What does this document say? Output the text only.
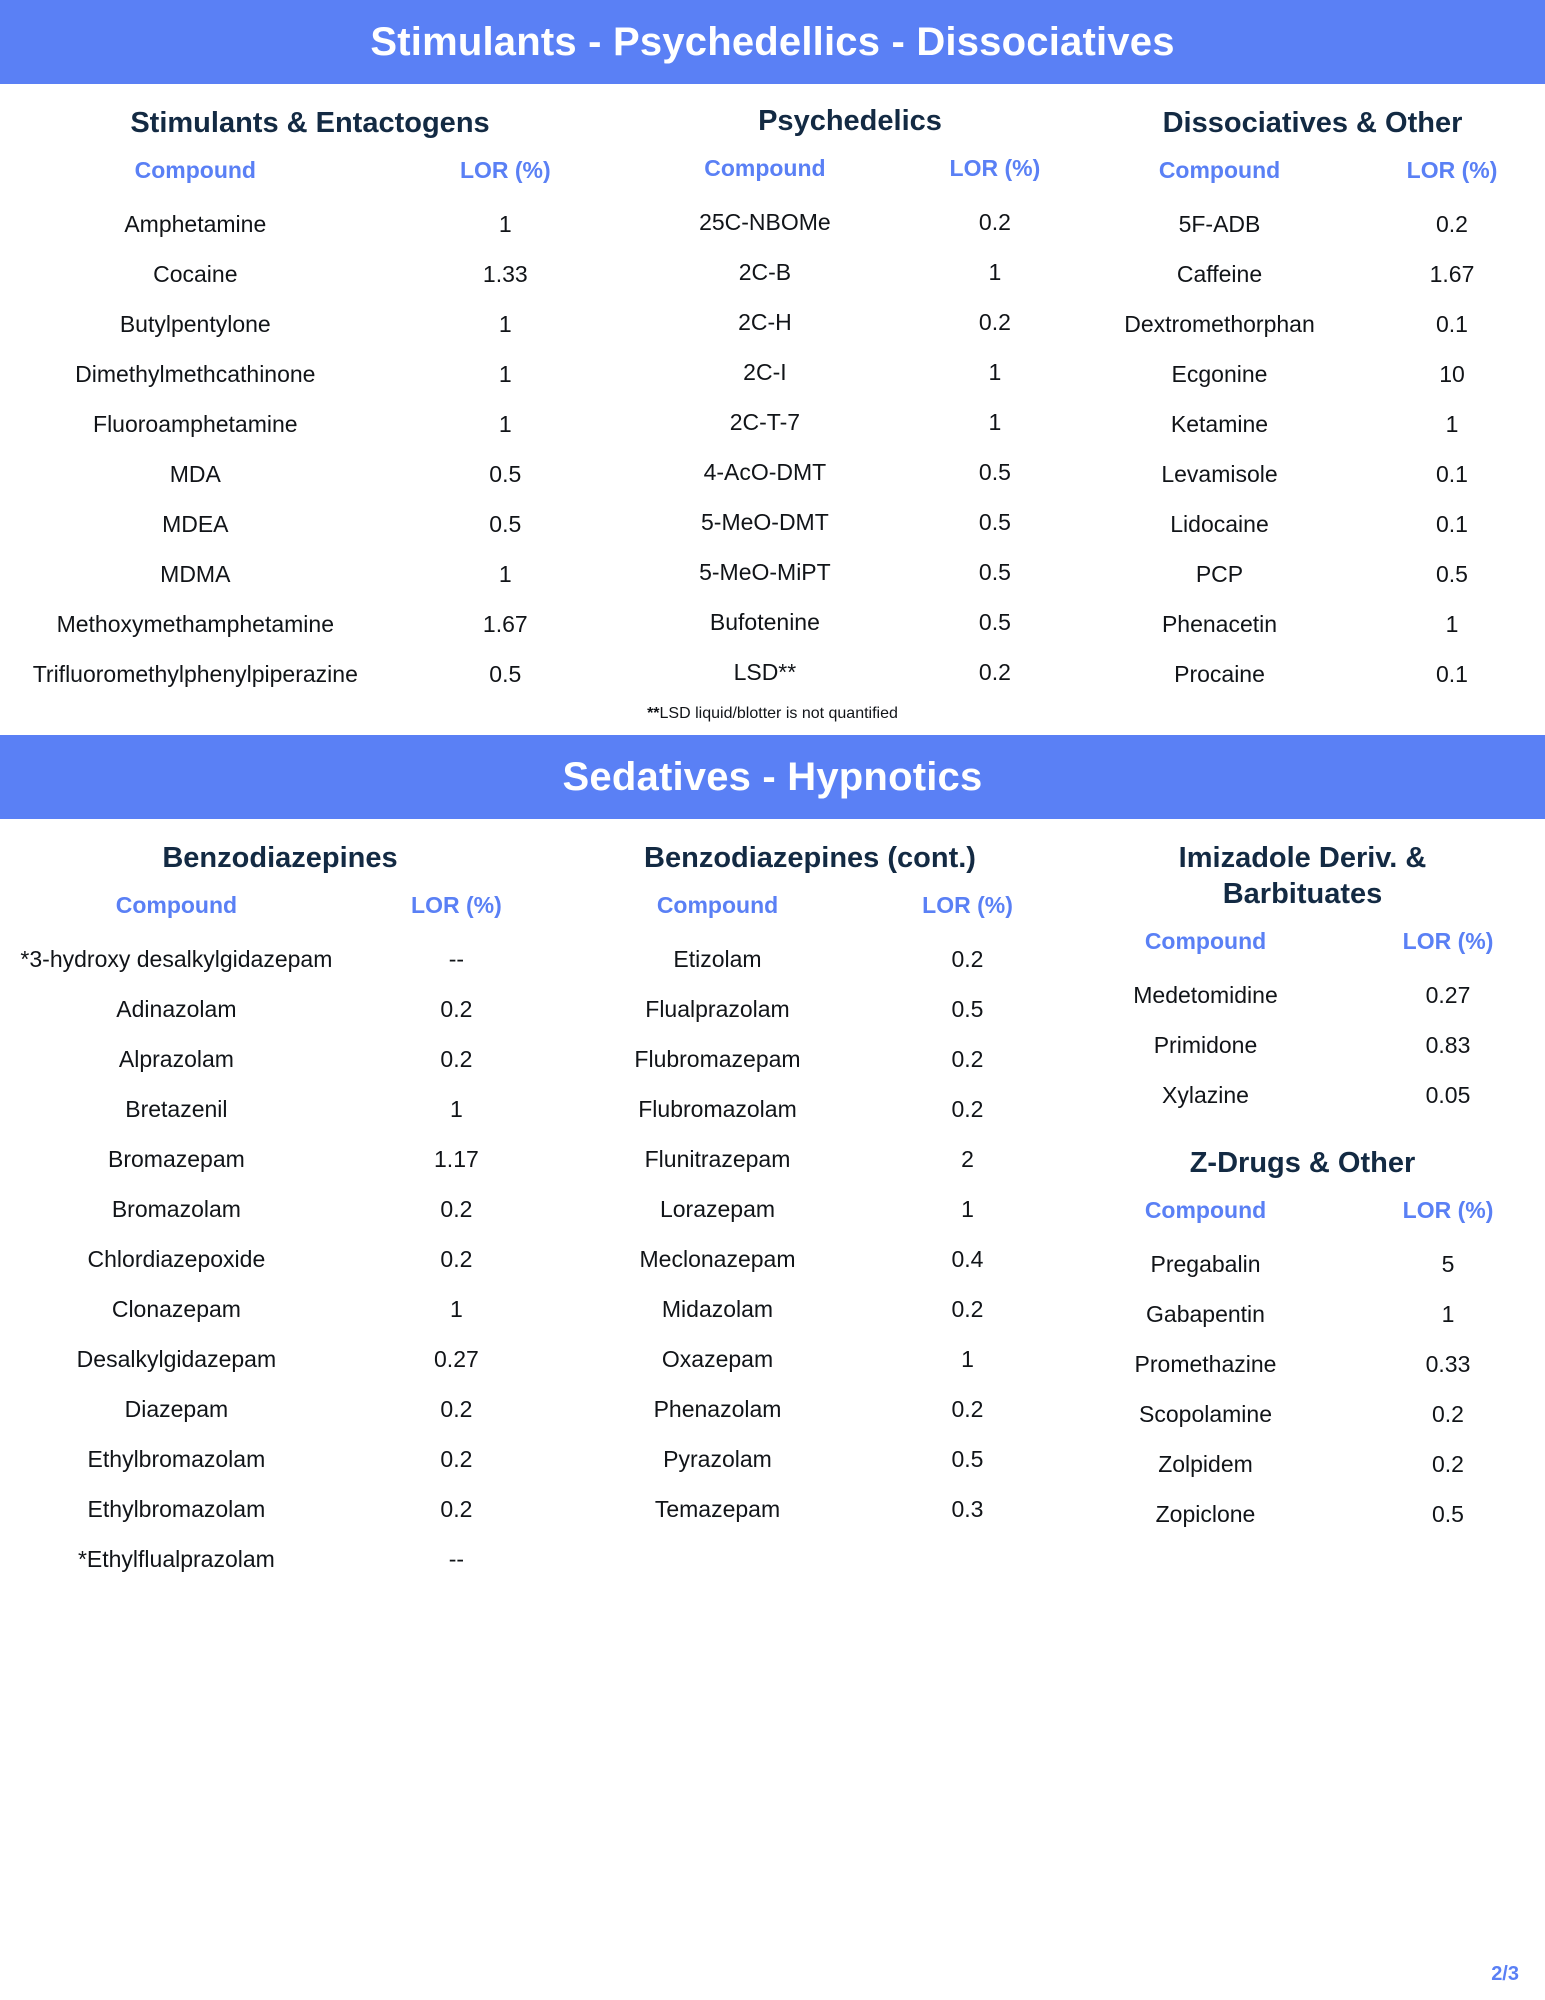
Stimulants - Psychedellics - Dissociatives
Stimulants & Entactogens
Compound	LOR (%)
Amphetamine	1
Cocaine	1.33
Butylpentylone	1
Dimethylmethcathinone	1
Fluoroamphetamine	1
MDA	0.5
MDEA	0.5
MDMA	1
Methoxymethamphetamine	1.67
Trifluoromethylphenylpiperazine	0.5
Psychedelics
Compound	LOR (%)
25C-NBOMe	0.2
2C-B	1
2C-H	0.2
2C-I	1
2C-T-7	1
4-AcO-DMT	0.5
5-MeO-DMT	0.5
5-MeO-MiPT	0.5
Bufotenine	0.5
LSD**	0.2
Dissociatives & Other
Compound	LOR (%)
5F-ADB	0.2
Caffeine	1.67
Dextromethorphan	0.1
Ecgonine	10
Ketamine	1
Levamisole	0.1
Lidocaine	0.1
PCP	0.5
Phenacetin	1
Procaine	0.1
**LSD liquid/blotter is not quantified
Sedatives - Hypnotics
Benzodiazepines
Compound	LOR (%)
*3-hydroxy desalkylgidazepam	--
Adinazolam	0.2
Alprazolam	0.2
Bretazenil	1
Bromazepam	1.17
Bromazolam	0.2
Chlordiazepoxide	0.2
Clonazepam	1
Desalkylgidazepam	0.27
Diazepam	0.2
Ethylbromazolam	0.2
Ethylbromazolam	0.2
*Ethylflualprazolam	--
Benzodiazepines (cont.)
Compound	LOR (%)
Etizolam	0.2
Flualprazolam	0.5
Flubromazepam	0.2
Flubromazolam	0.2
Flunitrazepam	2
Lorazepam	1
Meclonazepam	0.4
Midazolam	0.2
Oxazepam	1
Phenazolam	0.2
Pyrazolam	0.5
Temazepam	0.3
Imizadole Deriv. & Barbituates
Compound	LOR (%)
Medetomidine	0.27
Primidone	0.83
Xylazine	0.05
Z-Drugs & Other
Compound	LOR (%)
Pregabalin	5
Gabapentin	1
Promethazine	0.33
Scopolamine	0.2
Zolpidem	0.2
Zopiclone	0.5
2/3
